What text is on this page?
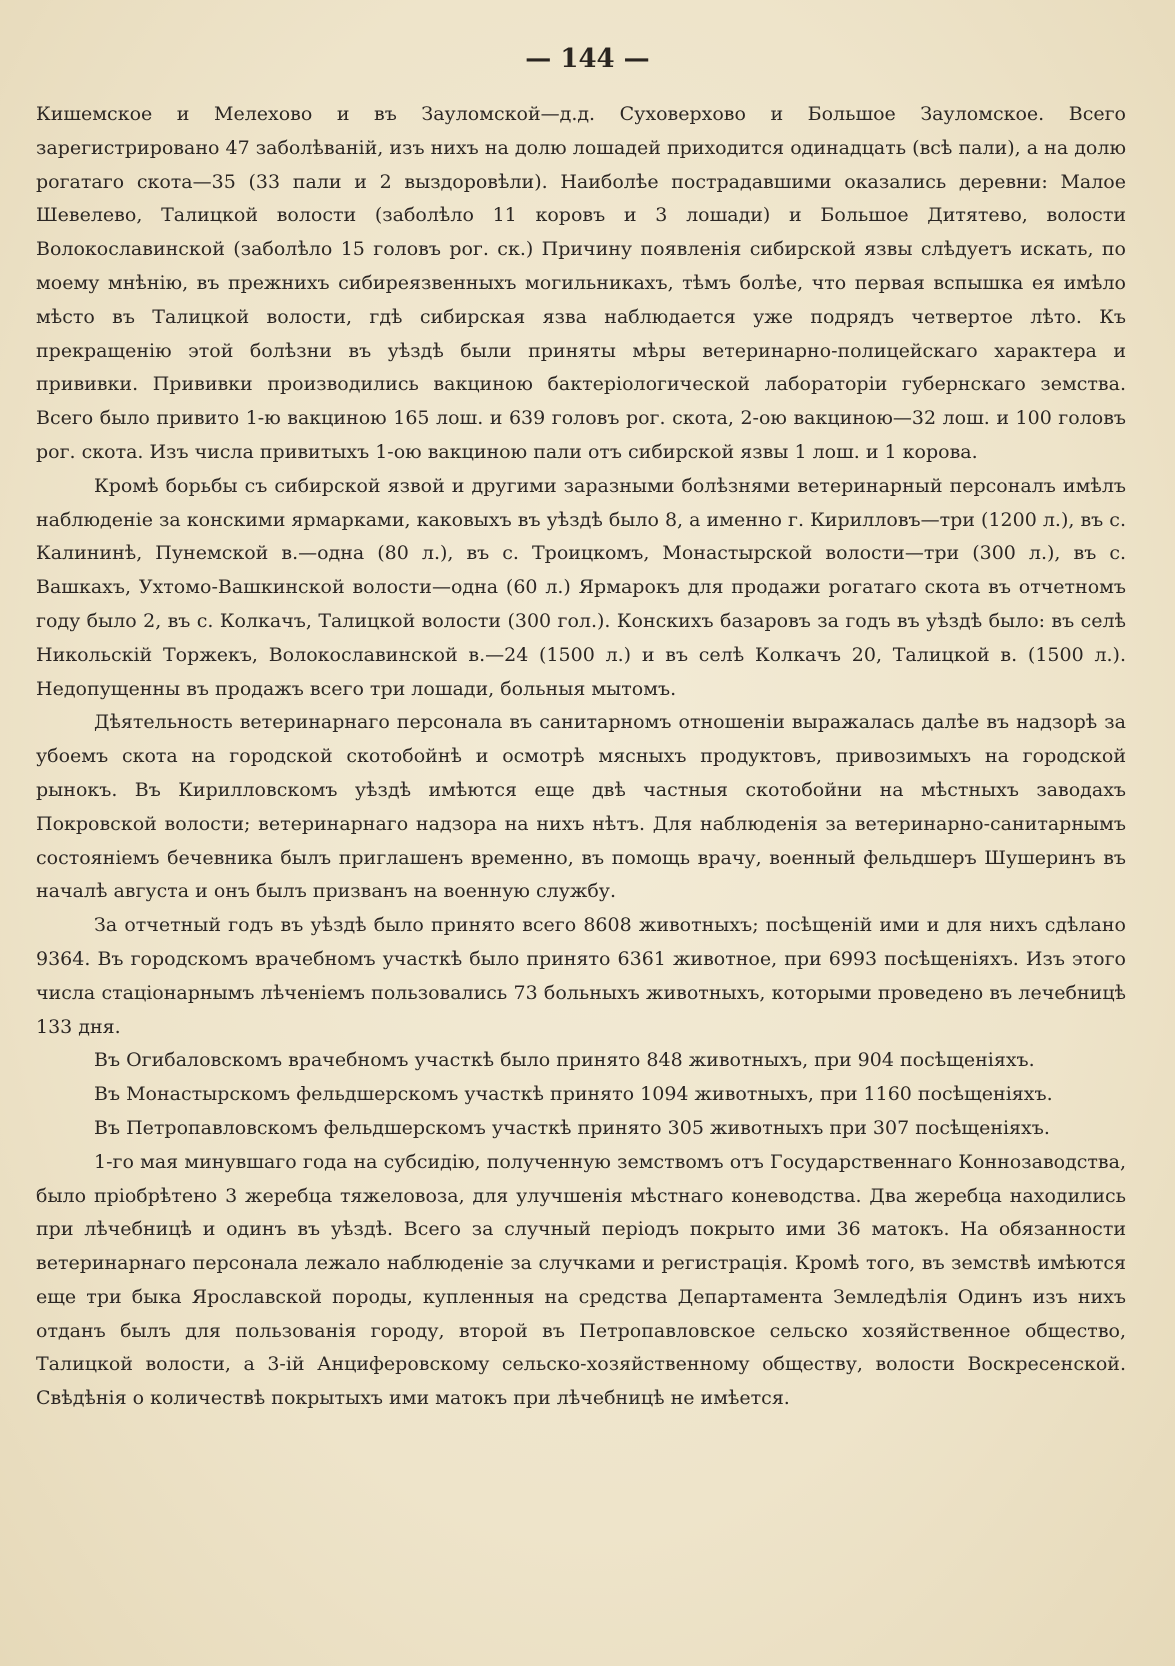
— 144 —

Кишемское и Мелехово и въ Зауломской—д.д. Суховерхово и Большое Зауломское. Всего зарегистрировано 47 заболѣваній, изъ нихъ на долю лошадей приходится одинадцать (всѣ пали), а на долю рогатаго скота—35 (33 пали и 2 выздоровѣли). Наиболѣе пострадавшими оказались деревни: Малое Шевелево, Талицкой волости (заболѣло 11 коровъ и 3 лошади) и Большое Дитятево, волости Волокославинской (заболѣло 15 головъ рог. ск.) Причину появленія сибирской язвы слѣдуетъ искать, по моему мнѣнію, въ прежнихъ сибиреязвенныхъ могильникахъ, тѣмъ болѣе, что первая вспышка ея имѣло мѣсто въ Талицкой волости, гдѣ сибирская язва наблюдается уже подрядъ четвертое лѣто. Къ прекращенію этой болѣзни въ уѣздѣ были приняты мѣры ветеринарно-полицейскаго характера и прививки. Прививки производились вакциною бактеріологической лабораторіи губернскаго земства. Всего было привито 1-ю вакциною 165 лош. и 639 головъ рог. скота, 2-ою вакциною—32 лош. и 100 головъ рог. скота. Изъ числа привитыхъ 1-ою вакциною пали отъ сибирской язвы 1 лош. и 1 корова.

Кромѣ борьбы съ сибирской язвой и другими заразными болѣзнями ветеринарный персоналъ имѣлъ наблюденіе за конскими ярмарками, каковыхъ въ уѣздѣ было 8, а именно г. Кирилловъ—три (1200 л.), въ с. Калининѣ, Пунемской в.—одна (80 л.), въ с. Троицкомъ, Монастырской волости—три (300 л.), въ с. Вашкахъ, Ухтомо-Вашкинской волости—одна (60 л.) Ярмарокъ для продажи рогатаго скота въ отчетномъ году было 2, въ с. Колкачъ, Талицкой волости (300 гол.). Конскихъ базаровъ за годъ въ уѣздѣ было: въ селѣ Никольскій Торжекъ, Волокославинской в.—24 (1500 л.) и въ селѣ Колкачъ 20, Талицкой в. (1500 л.). Недопущенны въ продажъ всего три лошади, больныя мытомъ.

Дѣятельность ветеринарнаго персонала въ санитарномъ отношеніи выражалась далѣе въ надзорѣ за убоемъ скота на городской скотобойнѣ и осмотрѣ мясныхъ продуктовъ, привозимыхъ на городской рынокъ. Въ Кирилловскомъ уѣздѣ имѣются еще двѣ частныя скотобойни на мѣстныхъ заводахъ Покровской волости; ветеринарнаго надзора на нихъ нѣтъ. Для наблюденія за ветеринарно-санитарнымъ состояніемъ бечевника былъ приглашенъ временно, въ помощь врачу, военный фельдшеръ Шушеринъ въ началѣ августа и онъ былъ призванъ на военную службу.

За отчетный годъ въ уѣздѣ было принято всего 8608 животныхъ; посѣщеній ими и для нихъ сдѣлано 9364. Въ городскомъ врачебномъ участкѣ было принято 6361 животное, при 6993 посѣщеніяхъ. Изъ этого числа стаціонарнымъ лѣченіемъ пользовались 73 больныхъ животныхъ, которыми проведено въ лечебницѣ 133 дня.

Въ Огибаловскомъ врачебномъ участкѣ было принято 848 животныхъ, при 904 посѣщеніяхъ.

Въ Монастырскомъ фельдшерскомъ участкѣ принято 1094 животныхъ, при 1160 посѣщеніяхъ.

Въ Петропавловскомъ фельдшерскомъ участкѣ принято 305 животныхъ при 307 посѣщеніяхъ.

1-го мая минувшаго года на субсидію, полученную земствомъ отъ Государственнаго Коннозаводства, было пріобрѣтено 3 жеребца тяжеловоза, для улучшенія мѣстнаго коневодства. Два жеребца находились при лѣчебницѣ и одинъ въ уѣздѣ. Всего за случный періодъ покрыто ими 36 матокъ. На обязанности ветеринарнаго персонала лежало наблюденіе за случками и регистрація. Кромѣ того, въ земствѣ имѣются еще три быка Ярославской породы, купленныя на средства Департамента Земледѣлія Одинъ изъ нихъ отданъ былъ для пользованія городу, второй въ Петропавловское сельско хозяйственное общество, Талицкой волости, а 3-ій Анциферовскому сельско-хозяйственному обществу, волости Воскресенской. Свѣдѣнія о количествѣ покрытыхъ ими матокъ при лѣчебницѣ не имѣется.
